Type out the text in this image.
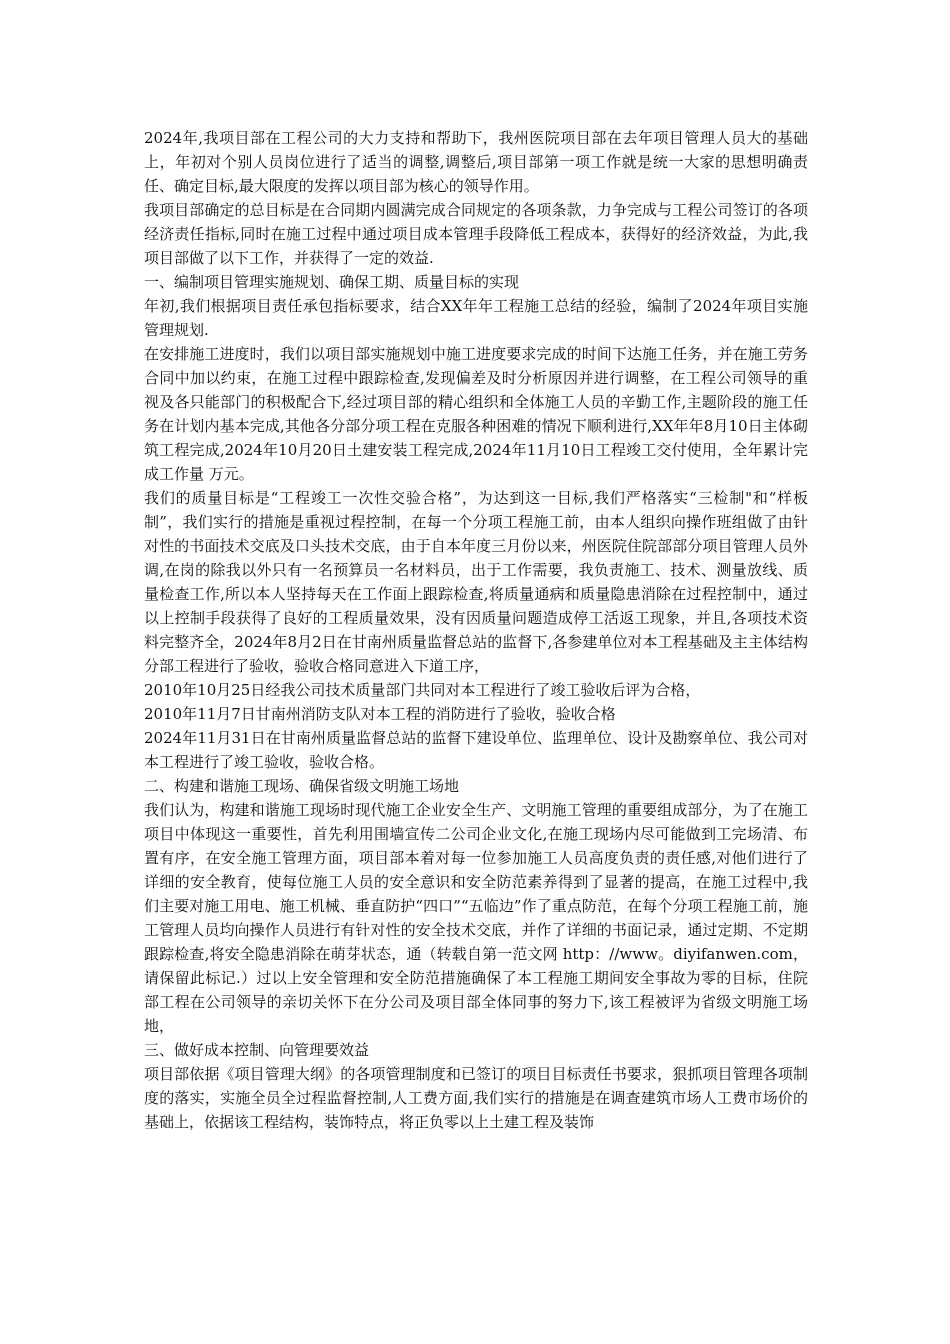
2024年,我项目部在工程公司的大力支持和帮助下，我州医院项目部在去年项目管理人员大的基础上，年初对个别人员岗位进行了适当的调整,调整后,项目部第一项工作就是统一大家的思想明确责任、确定目标,最大限度的发挥以项目部为核心的领导作用。

我项目部确定的总目标是在合同期内圆满完成合同规定的各项条款，力争完成与工程公司签订的各项经济责任指标,同时在施工过程中通过项目成本管理手段降低工程成本，获得好的经济效益，为此,我项目部做了以下工作，并获得了一定的效益.

一、编制项目管理实施规划、确保工期、质量目标的实现

年初,我们根据项目责任承包指标要求，结合XX年年工程施工总结的经验，编制了2024年项目实施管理规划.

在安排施工进度时，我们以项目部实施规划中施工进度要求完成的时间下达施工任务，并在施工劳务合同中加以约束，在施工过程中跟踪检查,发现偏差及时分析原因并进行调整，在工程公司领导的重视及各只能部门的积极配合下,经过项目部的精心组织和全体施工人员的辛勤工作,主题阶段的施工任务在计划内基本完成,其他各分部分项工程在克服各种困难的情况下顺利进行,XX年年8月10日主体砌筑工程完成,2024年10月20日土建安装工程完成,2024年11月10日工程竣工交付使用，全年累计完成工作量 万元。

我们的质量目标是“工程竣工一次性交验合格”，为达到这一目标,我们严格落实“三检制"和“样板制”，我们实行的措施是重视过程控制，在每一个分项工程施工前，由本人组织向操作班组做了由针对性的书面技术交底及口头技术交底，由于自本年度三月份以来，州医院住院部部分项目管理人员外调,在岗的除我以外只有一名预算员一名材料员，出于工作需要，我负责施工、技术、测量放线、质量检查工作,所以本人坚持每天在工作面上跟踪检查,将质量通病和质量隐患消除在过程控制中，通过以上控制手段获得了良好的工程质量效果，没有因质量问题造成停工活返工现象，并且,各项技术资料完整齐全，2024年8月2日在甘南州质量监督总站的监督下,各参建单位对本工程基础及主主体结构分部工程进行了验收，验收合格同意进入下道工序，

2010年10月25日经我公司技术质量部门共同对本工程进行了竣工验收后评为合格，

2010年11月7日甘南州消防支队对本工程的消防进行了验收，验收合格

2024年11月31日在甘南州质量监督总站的监督下建设单位、监理单位、设计及勘察单位、我公司对本工程进行了竣工验收，验收合格。

二、构建和谐施工现场、确保省级文明施工场地

我们认为，构建和谐施工现场时现代施工企业安全生产、文明施工管理的重要组成部分，为了在施工项目中体现这一重要性，首先利用围墙宣传二公司企业文化,在施工现场内尽可能做到工完场清、布置有序，在安全施工管理方面，项目部本着对每一位参加施工人员高度负责的责任感,对他们进行了详细的安全教育，使每位施工人员的安全意识和安全防范素养得到了显著的提高，在施工过程中,我们主要对施工用电、施工机械、垂直防护“四口”“五临边”作了重点防范，在每个分项工程施工前，施工管理人员均向操作人员进行有针对性的安全技术交底，并作了详细的书面记录，通过定期、不定期跟踪检查,将安全隐患消除在萌芽状态，通（转载自第一范文网 http：//www。diyifanwen.com，请保留此标记.）过以上安全管理和安全防范措施确保了本工程施工期间安全事故为零的目标，住院部工程在公司领导的亲切关怀下在分公司及项目部全体同事的努力下,该工程被评为省级文明施工场地，

三、做好成本控制、向管理要效益

项目部依据《项目管理大纲》的各项管理制度和已签订的项目目标责任书要求，狠抓项目管理各项制度的落实，实施全员全过程监督控制,人工费方面,我们实行的措施是在调查建筑市场人工费市场价的基础上，依据该工程结构，装饰特点，将正负零以上土建工程及装饰
